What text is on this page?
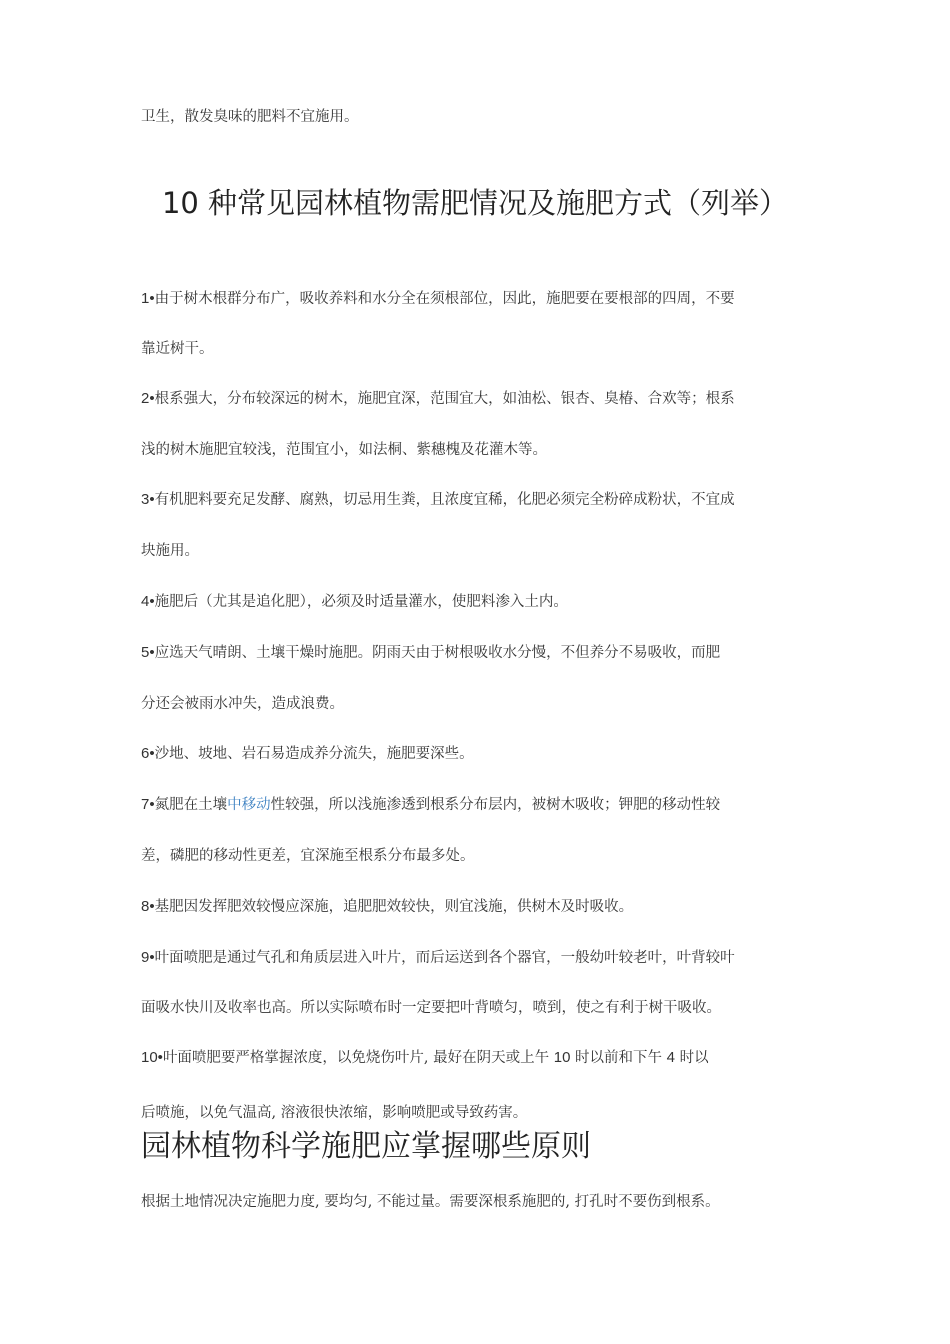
卫生，散发臭味的肥料不宜施用。
10 种常见园林植物需肥情况及施肥方式（列举）
1•由于树木根群分布广，吸收养料和水分全在须根部位，因此，施肥要在要根部的四周，不要
靠近树干。
2•根系强大，分布较深远的树木，施肥宜深，范围宜大，如油松、银杏、臭椿、合欢等；根系
浅的树木施肥宜较浅，范围宜小，如法桐、紫穗槐及花灌木等。
3•有机肥料要充足发酵、腐熟，切忌用生粪，且浓度宜稀，化肥必须完全粉碎成粉状，不宜成
块施用。
4•施肥后（尤其是追化肥），必须及时适量灌水，使肥料渗入土内。
5•应选天气晴朗、土壤干燥时施肥。阴雨天由于树根吸收水分慢，不但养分不易吸收，而肥
分还会被雨水冲失，造成浪费。
6•沙地、坡地、岩石易造成养分流失，施肥要深些。
7•氮肥在土壤中移动性较强，所以浅施渗透到根系分布层内，被树木吸收；钾肥的移动性较
差，磷肥的移动性更差，宜深施至根系分布最多处。
8•基肥因发挥肥效较慢应深施，追肥肥效较快，则宜浅施，供树木及时吸收。
9•叶面喷肥是通过气孔和角质层进入叶片，而后运送到各个器官，一般幼叶较老叶，叶背较叶
面吸水快川及收率也高。所以实际喷布时一定要把叶背喷匀，喷到，使之有利于树干吸收。
10•叶面喷肥要严格掌握浓度，以免烧伤叶片, 最好在阴天或上午 10 时以前和下午 4 时以
后喷施，以免气温高, 溶液很快浓缩，影响喷肥或导致药害。
园林植物科学施肥应掌握哪些原则
根据土地情况决定施肥力度, 要均匀, 不能过量。需要深根系施肥的, 打孔时不要伤到根系。
